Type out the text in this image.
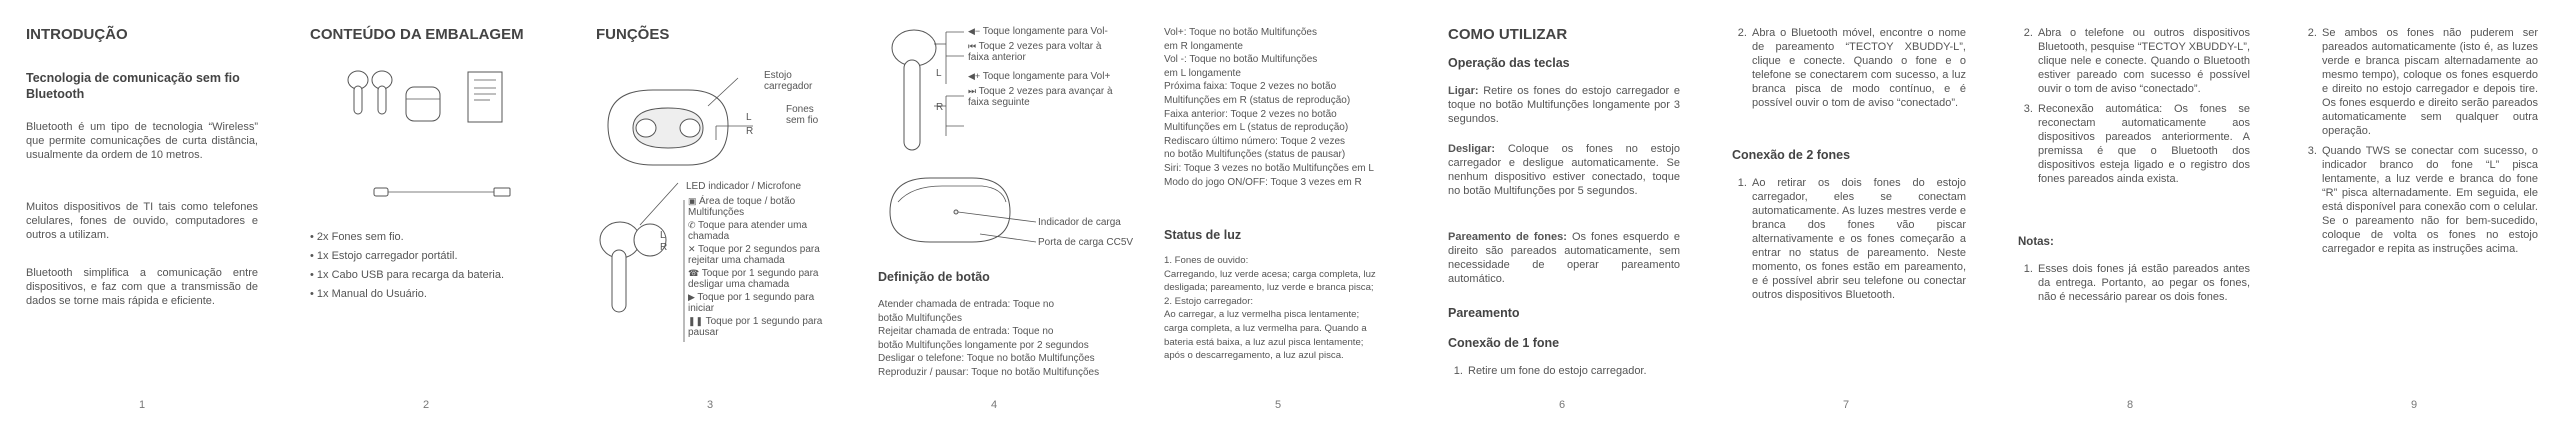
INTRODUÇÃO
Tecnologia de comunicação sem fio Bluetooth
Bluetooth é um tipo de tecnologia “Wireless” que permite comunicações de curta distância, usualmente da ordem de 10 metros.
Muitos dispositivos de TI tais como telefones celulares, fones de ouvido, computadores e outros a utilizam.
Bluetooth simplifica a comunicação entre dispositivos, e faz com que a transmissão de dados se torne mais rápida e eficiente.
1
CONTEÚDO DA EMBALAGEM
• 2x Fones sem fio.
• 1x Estojo carregador portátil.
• 1x Cabo USB para recarga da bateria.
• 1x Manual do Usuário.
2
FUNÇÕES
Estojo carregador
Fones sem fio
L
R
L
R
LED indicador / Microfone
▣ Área de toque / botão Multifunções
✆ Toque para atender uma chamada
✕ Toque por 2 segundos para rejeitar uma chamada
☎ Toque por 1 segundo para desligar uma chamada
▶ Toque por 1 segundo para iniciar
❚❚ Toque por 1 segundo para pausar
3
L
R
◀− Toque longamente para Vol-
⏮ Toque 2 vezes para voltar à faixa anterior
◀+ Toque longamente para Vol+
⏭ Toque 2 vezes para avançar à faixa seguinte
Indicador de carga
Porta de carga CC5V
Definição de botão
Atender chamada de entrada: Toque no
botão Multifunções
Rejeitar chamada de entrada: Toque no
botão Multifunções longamente por 2 segundos
Desligar o telefone: Toque no botão Multifunções
Reproduzir / pausar: Toque no botão Multifunções
4
Vol+: Toque no botão Multifunções
em R longamente
Vol -: Toque no botão Multifunções
em L longamente
Próxima faixa: Toque 2 vezes no botão
Multifunções em R (status de reprodução)
Faixa anterior: Toque 2 vezes no botão
Multifunções em L (status de reprodução)
Rediscaro último número: Toque 2 vezes
no botão Multifunções (status de pausar)
Siri: Toque 3 vezes no botão Multifunções em L
Modo do jogo ON/OFF: Toque 3 vezes em R
Status de luz
1. Fones de ouvido:
Carregando, luz verde acesa; carga completa, luz
desligada; pareamento, luz verde e branca pisca;
2. Estojo carregador:
Ao carregar, a luz vermelha pisca lentamente;
carga completa, a luz vermelha para. Quando a
bateria está baixa, a luz azul pisca lentamente;
após o descarregamento, a luz azul pisca.
5
COMO UTILIZAR
Operação das teclas
Ligar: Retire os fones do estojo carregador e toque no botão Multifunções longamente por 3 segundos.
Desligar: Coloque os fones no estojo carregador e desligue automaticamente. Se nenhum dispositivo estiver conectado, toque no botão Multifunções por 5 segundos.
Pareamento de fones: Os fones esquerdo e direito são pareados automaticamente, sem necessidade de operar pareamento automático.
Pareamento
Conexão de 1 fone
1. Retire um fone do estojo carregador.
6
2. Abra o Bluetooth móvel, encontre o nome de pareamento “TECTOY XBUDDY-L”, clique e conecte. Quando o fone e o telefone se conectarem com sucesso, a luz branca pisca de modo contínuo, e é possível ouvir o tom de aviso “conectado”.
Conexão de 2 fones
1. Ao retirar os dois fones do estojo carregador, eles se conectam automaticamente. As luzes mestres verde e branca dos fones vão piscar alternativamente e os fones começarão a entrar no status de pareamento. Neste momento, os fones estão em pareamento, e é possível abrir seu telefone ou conectar outros dispositivos Bluetooth.
7
2. Abra o telefone ou outros dispositivos Bluetooth, pesquise “TECTOY XBUDDY-L”, clique nele e conecte. Quando o Bluetooth estiver pareado com sucesso é possível ouvir o tom de aviso “conectado”.
3. Reconexão automática: Os fones se reconectam automaticamente aos dispositivos pareados anteriormente. A premissa é que o Bluetooth dos dispositivos esteja ligado e o registro dos fones pareados ainda exista.
Notas:
1. Esses dois fones já estão pareados antes da entrega. Portanto, ao pegar os fones, não é necessário parear os dois fones.
8
2. Se ambos os fones não puderem ser pareados automaticamente (isto é, as luzes verde e branca piscam alternadamente ao mesmo tempo), coloque os fones esquerdo e direito no estojo carregador e depois tire. Os fones esquerdo e direito serão pareados automaticamente sem qualquer outra operação.
3. Quando TWS se conectar com sucesso, o indicador branco do fone “L” pisca lentamente, a luz verde e branca do fone “R” pisca alternadamente. Em seguida, ele está disponível para conexão com o celular. Se o pareamento não for bem-sucedido, coloque de volta os fones no estojo carregador e repita as instruções acima.
9
